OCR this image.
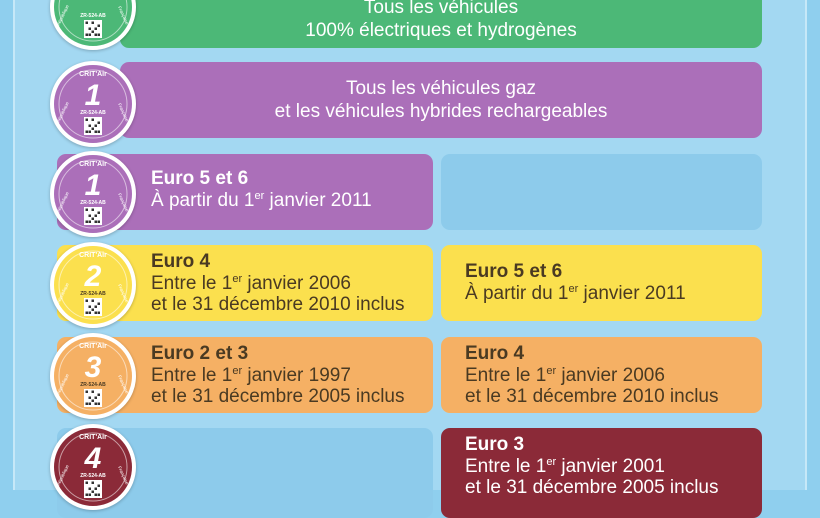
Tous les véhicules
100% électriques et hydrogènes
Tous les véhicules gaz
et les véhicules hybrides rechargeables
Euro 5 et 6
À partir du 1er janvier 2011
Euro 4
Entre le 1er janvier 2006
et le 31 décembre 2010 inclus
Euro 5 et 6
À partir du 1er janvier 2011
Euro 2 et 3
Entre le 1er janvier 1997
et le 31 décembre 2005 inclus
Euro 4
Entre le 1er janvier 2006
et le 31 décembre 2010 inclus
Euro 3
Entre le 1er janvier 2001
et le 31 décembre 2005 inclus
ZR-524-AB
République	Française
CRIT'Air
1
ZR-524-AB
République	Française
CRIT'Air
1
ZR-524-AB
République	Française
CRIT'Air
2
ZR-524-AB
République	Française
CRIT'Air
3
ZR-524-AB
République	Française
CRIT'Air
4
ZR-524-AB
République	Française
